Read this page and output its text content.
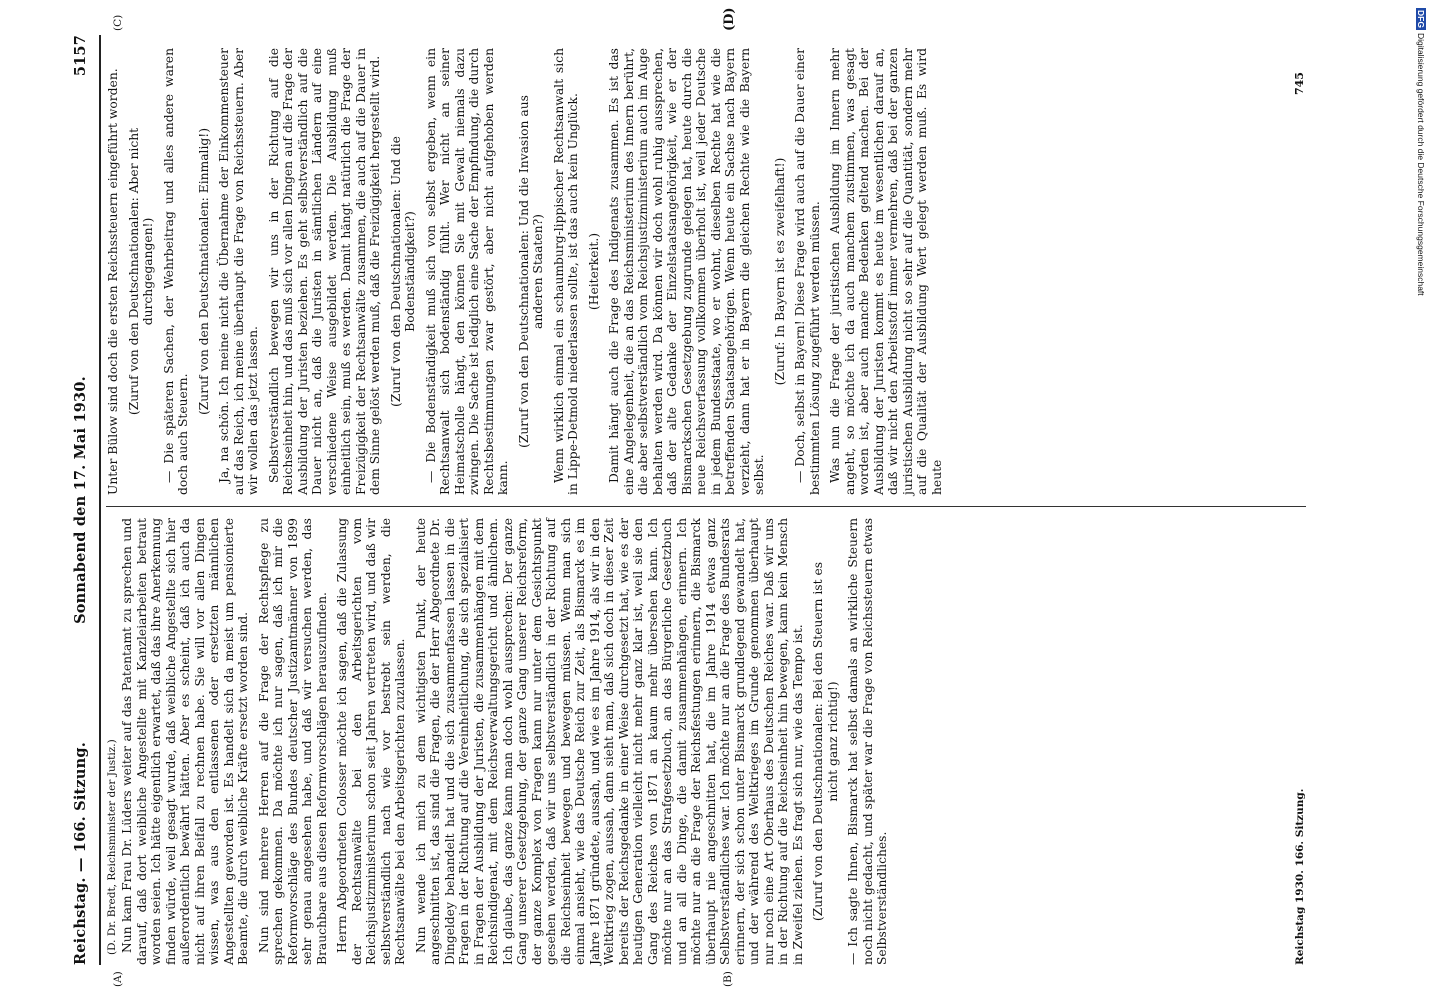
Reichstag. — 166. Sitzung.
Sonnabend den 17. Mai 1930.
5157
(A)	(B)
(C)	(D)
(D. Dr. Bredt, Reichsminister der Justiz.) Nun kam Frau Dr. Lüders weiter auf das Patentamt zu sprechen und darauf, daß dort weibliche Angestellte mit Kanzleiarbeiten betraut worden seien. Ich hätte eigentlich erwartet, daß das ihre Anerkennung finden würde, weil gesagt wurde, daß weibliche Angestellte sich hier außerordentlich bewährt hätten. Aber es scheint, daß ich auch da nicht auf ihren Beifall zu rechnen habe. Sie will vor allen Dingen wissen, was aus den entlassenen oder ersetzten männlichen Angestellten geworden ist. Es handelt sich da meist um pensionierte Beamte, die durch weibliche Kräfte ersetzt worden sind. Nun sind mehrere Herren auf die Frage der Rechtspflege zu sprechen gekommen. Da möchte ich nur sagen, daß ich mir die Reformvorschläge des Bundes deutscher Justizamtmänner von 1899 sehr genau angesehen habe, und daß wir versuchen werden, das Brauchbare aus diesen Reformvorschlägen herauszufinden. Herrn Abgeordneten Colosser möchte ich sagen, daß die Zulassung der Rechtsanwälte bei den Arbeitsgerichten vom Reichsjustizministerium schon seit Jahren vertreten wird, und daß wir selbstverständlich nach wie vor bestrebt sein werden, die Rechtsanwälte bei den Arbeitsgerichten zuzulassen. Nun wende ich mich zu dem wichtigsten Punkt, der heute angeschnitten ist, das sind die Fragen, die der Herr Abgeordnete Dr. Dingeldey behandelt hat und die sich zusammenfassen lassen in die Fragen in der Richtung auf die Vereinheitlichung, die sich spezialisiert in Fragen der Ausbildung der Juristen, die zusammenhängen mit dem Reichsindigenat, mit dem Reichsverwaltungsgericht und ähnlichem. Ich glaube, das ganze kann man doch wohl aussprechen: Der ganze Gang unserer Gesetzgebung, der ganze Gang unserer Reichsreform, der ganze Komplex von Fragen kann nur unter dem Gesichtspunkt gesehen werden, daß wir uns selbstverständlich in der Richtung auf die Reichseinheit bewegen und bewegen müssen. Wenn man sich einmal ansieht, wie das Deutsche Reich zur Zeit, als Bismarck es im Jahre 1871 gründete, aussah, und wie es im Jahre 1914, als wir in den Weltkrieg zogen, aussah, dann sieht man, daß sich doch in dieser Zeit bereits der Reichsgedanke in einer Weise durchgesetzt hat, wie es der heutigen Generation vielleicht nicht mehr ganz klar ist, weil sie den Gang des Reiches von 1871 an kaum mehr übersehen kann. Ich möchte nur an das Strafgesetzbuch, an das Bürgerliche Gesetzbuch und an all die Dinge, die damit zusammenhängen, erinnern. Ich möchte nur an die Frage der Reichsfestungen erinnern, die Bismarck überhaupt nie angeschnitten hat, die im Jahre 1914 etwas ganz Selbstverständliches war. Ich möchte nur an die Frage des Bundesrats erinnern, der sich schon unter Bismarck grundlegend gewandelt hat, und der während des Weltkrieges im Grunde genommen überhaupt nur noch eine Art Oberhaus des Deutschen Reiches war. Daß wir uns in der Richtung auf die Reichseinheit hin bewegen, kann kein Mensch in Zweifel ziehen. Es fragt sich nur, wie das Tempo ist. (Zuruf von den Deutschnationalen: Bei den Steuern ist es nicht ganz richtig!) — Ich sagte Ihnen, Bismarck hat selbst damals an wirkliche Steuern noch nicht gedacht, und später war die Frage von Reichssteuern etwas Selbstverständliches.

Unter Bülow sind doch die ersten Reichssteuern eingeführt worden. (Zuruf von den Deutschnationalen: Aber nicht durchgegangen!) — Die späteren Sachen, der Wehrbeitrag und alles andere waren doch auch Steuern.

(Zuruf von den Deutschnationalen: Einmalig!) Ja, na schön. Ich meine nicht die Übernahme der Einkommensteuer auf das Reich, ich meine überhaupt die Frage von Reichssteuern. Aber wir wollen das jetzt lassen. Selbstverständlich bewegen wir uns in der Richtung auf die Reichseinheit hin, und das muß sich vor allen Dingen auf die Frage der Ausbildung der Juristen beziehen. Es geht selbstverständlich auf die Dauer nicht an, daß die Juristen in sämtlichen Ländern auf eine verschiedene Weise ausgebildet werden. Die Ausbildung muß einheitlich sein, muß es werden. Damit hängt natürlich die Frage der Freizügigkeit der Rechtsanwälte zusammen, die auch auf die Dauer in dem Sinne gelöst werden muß, daß die Freizügigkeit hergestellt wird. (Zuruf von den Deutschnationalen: Und die Bodenständigkeit?) — Die Bodenständigkeit muß sich von selbst ergeben, wenn ein Rechtsanwalt sich bodenständig fühlt. Wer nicht an seiner Heimatscholle hängt, den können Sie mit Gewalt niemals dazu zwingen. Die Sache ist lediglich eine Sache der Empfindung, die durch Rechtsbestimmungen zwar gestört, aber nicht aufgehoben werden kann.

(Zuruf von den Deutschnationalen: Und die Invasion aus anderen Staaten?) Wenn wirklich einmal ein schaumburg-lippischer Rechtsanwalt sich in Lippe-Detmold niederlassen sollte, ist das auch kein Unglück. (Heiterkeit.) Damit hängt auch die Frage des Indigenats zusammen. Es ist das eine Angelegenheit, die an das Reichsministerium des Innern berührt, die aber selbstverständlich vom Reichsjustizministerium auch im Auge behalten werden wird. Da können wir doch wohl ruhig aussprechen, daß der alte Gedanke der Einzelstaatsangehörigkeit, wie er der Bismarckschen Gesetzgebung zugrunde gelegen hat, heute durch die neue Reichsverfassung vollkommen überholt ist, weil jeder Deutsche in jedem Bundesstaate, wo er wohnt, dieselben Rechte hat wie die betreffenden Staatsangehörigen. Wenn heute ein Sachse nach Bayern verzieht, dann hat er in Bayern die gleichen Rechte wie die Bayern selbst.

(Zuruf: In Bayern ist es zweifelhaft!) — Doch, selbst in Bayern! Diese Frage wird auch auf die Dauer einer bestimmten Lösung zugeführt werden müssen. Was nun die Frage der juristischen Ausbildung im Innern mehr angeht, so möchte ich da auch manchem zustimmen, was gesagt worden ist, aber auch manche Bedenken geltend machen. Bei der Ausbildung der Juristen kommt es heute im wesentlichen darauf an, daß wir nicht den Arbeitsstoff immer vermehren, daß bei der ganzen juristischen Ausbildung nicht so sehr auf die Quantität, sondern mehr auf die Qualität der Ausbildung Wert gelegt werden muß. Es wird heute

Reichstag 1930. 166. Sitzung.
745
DFGDigitalisierung gefördert durch die Deutsche Forschungsgemeinschaft
